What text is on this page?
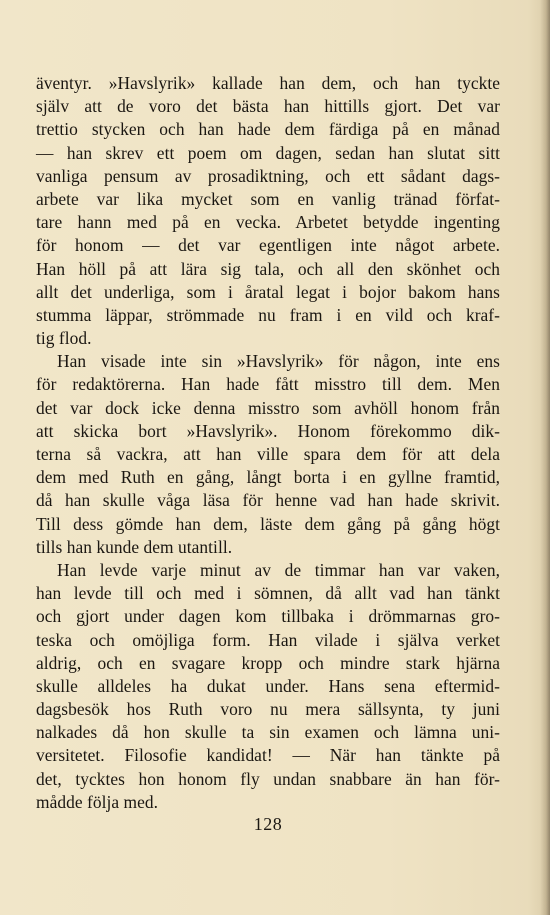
äventyr. »Havslyrik» kallade han dem, och han tyckte
själv att de voro det bästa han hittills gjort. Det var
trettio stycken och han hade dem färdiga på en månad
— han skrev ett poem om dagen, sedan han slutat sitt
vanliga pensum av prosadiktning, och ett sådant dags-
arbete var lika mycket som en vanlig tränad förfat-
tare hann med på en vecka. Arbetet betydde ingenting
för honom — det var egentligen inte något arbete.
Han höll på att lära sig tala, och all den skönhet och
allt det underliga, som i åratal legat i bojor bakom hans
stumma läppar, strömmade nu fram i en vild och kraf-
tig flod.
Han visade inte sin »Havslyrik» för någon, inte ens
för redaktörerna. Han hade fått misstro till dem. Men
det var dock icke denna misstro som avhöll honom från
att skicka bort »Havslyrik». Honom förekommo dik-
terna så vackra, att han ville spara dem för att dela
dem med Ruth en gång, långt borta i en gyllne framtid,
då han skulle våga läsa för henne vad han hade skrivit.
Till dess gömde han dem, läste dem gång på gång högt
tills han kunde dem utantill.
Han levde varje minut av de timmar han var vaken,
han levde till och med i sömnen, då allt vad han tänkt
och gjort under dagen kom tillbaka i drömmarnas gro-
teska och omöjliga form. Han vilade i själva verket
aldrig, och en svagare kropp och mindre stark hjärna
skulle alldeles ha dukat under. Hans sena eftermid-
dagsbesök hos Ruth voro nu mera sällsynta, ty juni
nalkades då hon skulle ta sin examen och lämna uni-
versitetet. Filosofie kandidat! — När han tänkte på
det, tycktes hon honom fly undan snabbare än han för-
mådde följa med.
128
